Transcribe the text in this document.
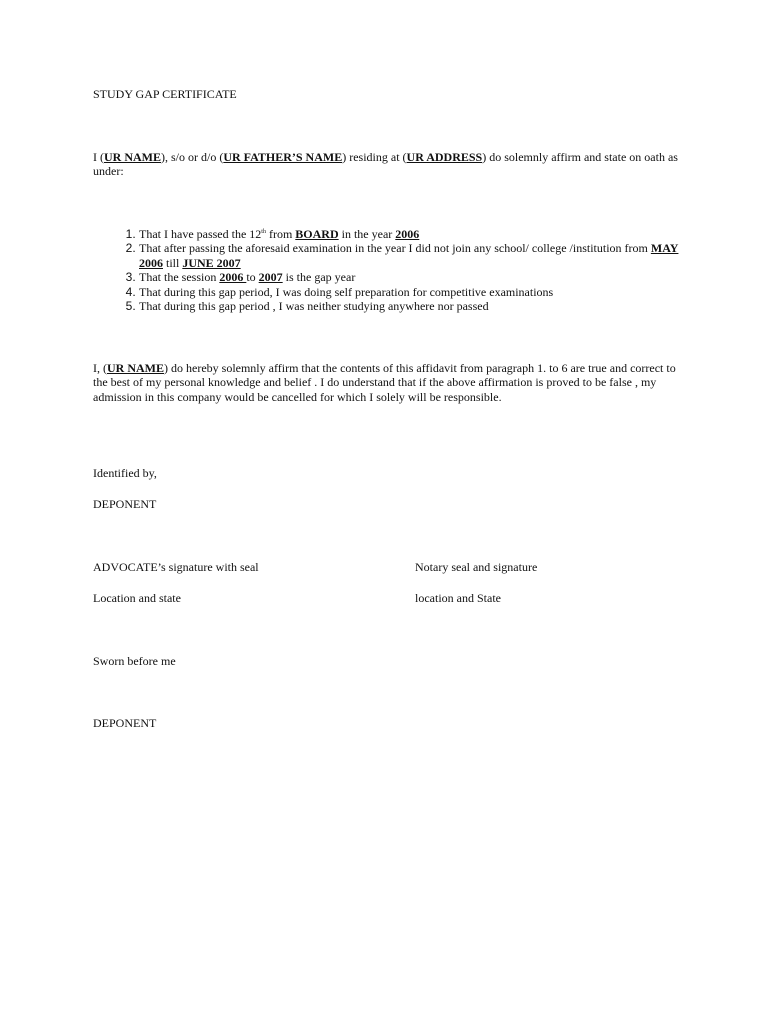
STUDY GAP CERTIFICATE

I (UR NAME), s/o or d/o (UR FATHER’S NAME) residing at (UR ADDRESS) do solemnly affirm and state on oath as under:

1. That I have passed the 12th from BOARD in the year 2006
2. That after passing the aforesaid examination in the year I did not join any school/ college /institution from MAY 2006 till JUNE 2007
3. That the session 2006 to 2007 is the gap year
4. That during this gap period, I was doing self preparation for competitive examinations
5. That during this gap period , I was neither studying anywhere nor passed

I, (UR NAME) do hereby solemnly affirm that the contents of this affidavit from paragraph 1. to 6 are true and correct to the best of my personal knowledge and belief . I do understand that if the above affirmation is proved to be false , my admission in this company would be cancelled for which I solely will be responsible.

Identified by,

DEPONENT

ADVOCATE’s signature with seal	Notary seal and signature

Location and state	location and State

Sworn before me

DEPONENT
